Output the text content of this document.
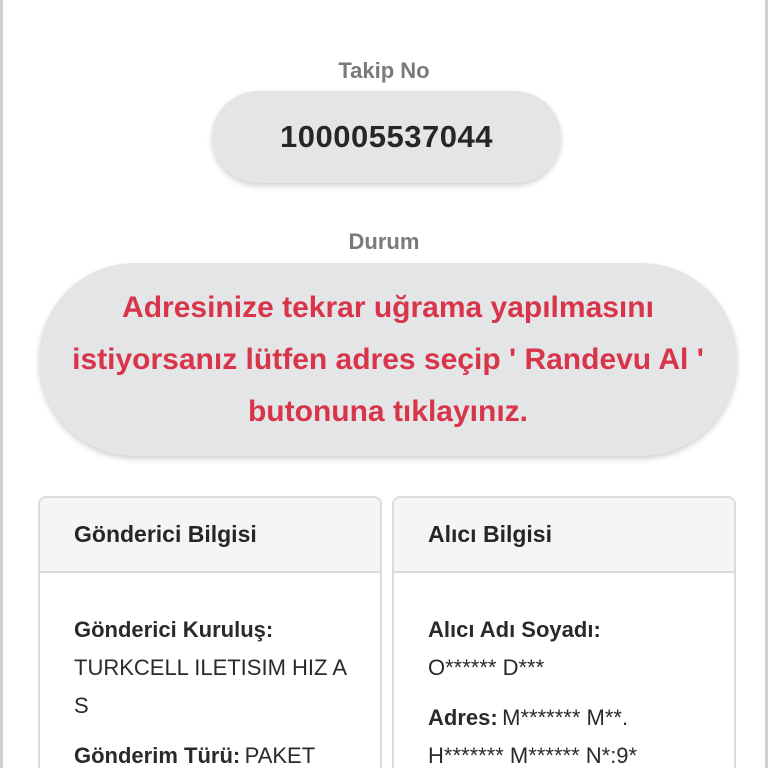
Takip No
100005537044
Durum
Adresinize tekrar uğrama yapılmasını istiyorsanız lütfen adres seçip ' Randevu Al ' butonuna tıklayınız.
Gönderici Bilgisi
Gönderici Kuruluş:
TURKCELL ILETISIM HIZ A S
Gönderim Türü: PAKET
Alıcı Bilgisi
Alıcı Adı Soyadı:
O****** D***
Adres: M******* M**. H******* M****** N*:9*
